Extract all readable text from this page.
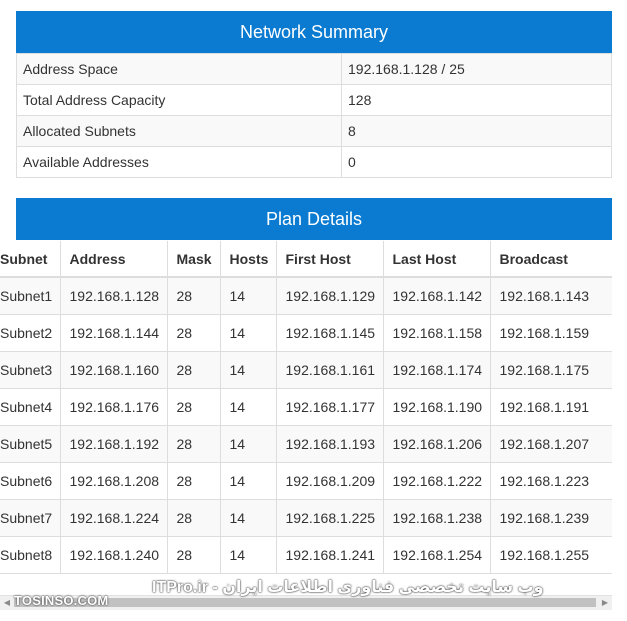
Network Summary
Address Space	192.168.1.128 / 25
Total Address Capacity	128
Allocated Subnets	8
Available Addresses	0
Plan Details
Subnet	Address	Mask	Hosts	First Host	Last Host	Broadcast
Subnet1	192.168.1.128	28	14	192.168.1.129	192.168.1.142	192.168.1.143
Subnet2	192.168.1.144	28	14	192.168.1.145	192.168.1.158	192.168.1.159
Subnet3	192.168.1.160	28	14	192.168.1.161	192.168.1.174	192.168.1.175
Subnet4	192.168.1.176	28	14	192.168.1.177	192.168.1.190	192.168.1.191
Subnet5	192.168.1.192	28	14	192.168.1.193	192.168.1.206	192.168.1.207
Subnet6	192.168.1.208	28	14	192.168.1.209	192.168.1.222	192.168.1.223
Subnet7	192.168.1.224	28	14	192.168.1.225	192.168.1.238	192.168.1.239
Subnet8	192.168.1.240	28	14	192.168.1.241	192.168.1.254	192.168.1.255
◀	▶
ITPro.ir - وب سایت تخصصی فناوری اطلاعات ایران
TOSINSO.COM
